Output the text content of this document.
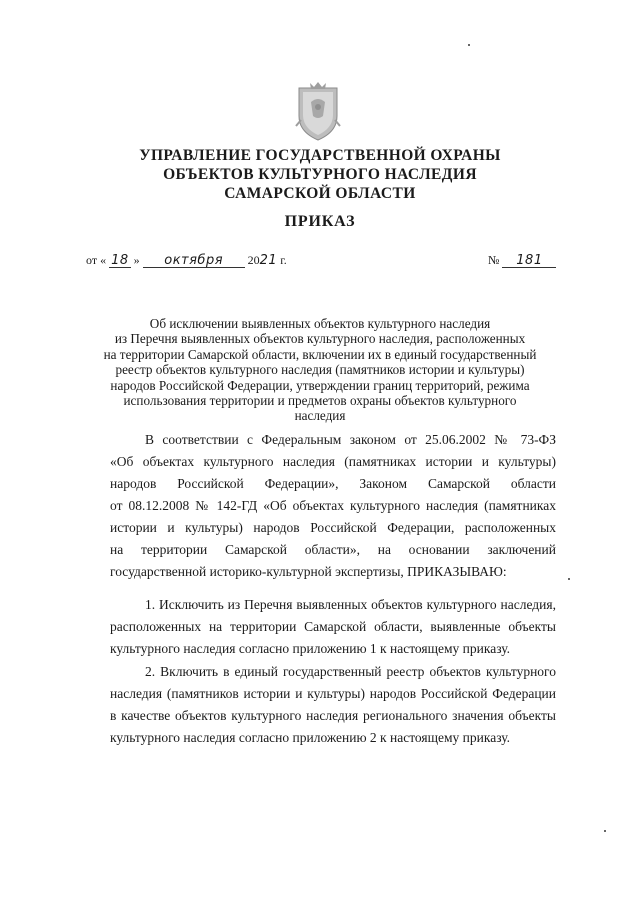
УПРАВЛЕНИЕ ГОСУДАРСТВЕННОЙ ОХРАНЫ
ОБЪЕКТОВ КУЛЬТУРНОГО НАСЛЕДИЯ
САМАРСКОЙ ОБЛАСТИ
ПРИКАЗ
от « 18 » октября 2021 г.	№ 181
Об исключении выявленных объектов культурного наследия
из Перечня выявленных объектов культурного наследия, расположенных
на территории Самарской области, включении их в единый государственный
реестр объектов культурного наследия (памятников истории и культуры)
народов Российской Федерации, утверждении границ территорий, режима
использования территории и предметов охраны объектов культурного
наследия
В соответствии с Федеральным законом от 25.06.2002 № 73-ФЗ
«Об объектах культурного наследия (памятниках истории и культуры)
народов Российской Федерации», Законом Самарской области
от 08.12.2008 № 142-ГД «Об объектах культурного наследия (памятниках
истории и культуры) народов Российской Федерации, расположенных
на территории Самарской области», на основании заключений
государственной историко-культурной экспертизы, ПРИКАЗЫВАЮ:
1. Исключить из Перечня выявленных объектов культурного наследия,
расположенных на территории Самарской области, выявленные объекты
культурного наследия согласно приложению 1 к настоящему приказу.
2. Включить в единый государственный реестр объектов культурного
наследия (памятников истории и культуры) народов Российской Федерации
в качестве объектов культурного наследия регионального значения объекты
культурного наследия согласно приложению 2 к настоящему приказу.
